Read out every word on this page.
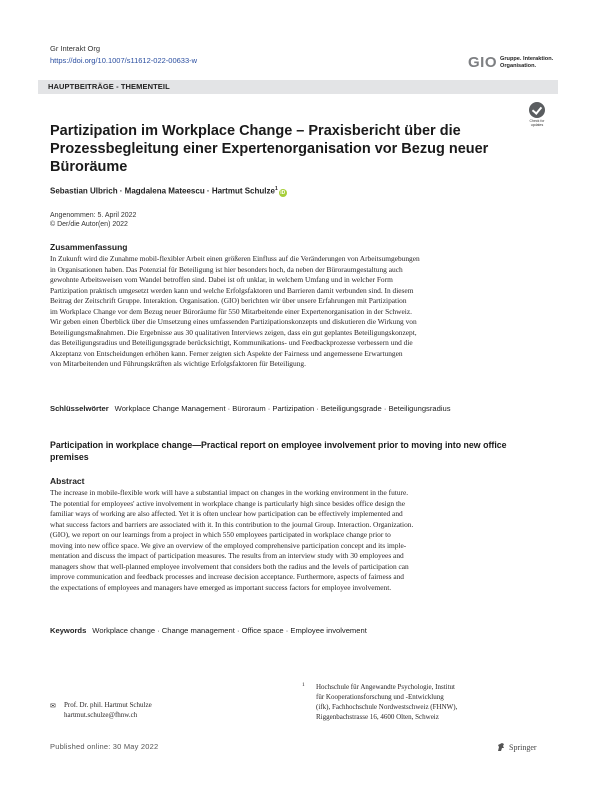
Gr Interakt Org
https://doi.org/10.1007/s11612-022-00633-w	GIO Gruppe. Interaktion.
Organisation.
HAUPTBEITRÄGE - THEMENTEIL
Check for
updates
Partizipation im Workplace Change – Praxisbericht über die Prozessbegleitung einer Expertenorganisation vor Bezug neuer Büroräume
Sebastian Ulbrich · Magdalena Mateescu · Hartmut Schulze$^1$iD
Angenommen: 5. April 2022
© Der/die Autor(en) 2022
Zusammenfassung
In Zukunft wird die Zunahme mobil-flexibler Arbeit einen größeren Einfluss auf die Veränderungen von Arbeitsumgebungen
in Organisationen haben. Das Potenzial für Beteiligung ist hier besonders hoch, da neben der Büroraumgestaltung auch
gewohnte Arbeitsweisen vom Wandel betroffen sind. Dabei ist oft unklar, in welchem Umfang und in welcher Form
Partizipation praktisch umgesetzt werden kann und welche Erfolgsfaktoren und Barrieren damit verbunden sind. In diesem
Beitrag der Zeitschrift Gruppe. Interaktion. Organisation. (GIO) berichten wir über unsere Erfahrungen mit Partizipation
im Workplace Change vor dem Bezug neuer Büroräume für 550 Mitarbeitende einer Expertenorganisation in der Schweiz.
Wir geben einen Überblick über die Umsetzung eines umfassenden Partizipationskonzepts und diskutieren die Wirkung von
Beteiligungsmaßnahmen. Die Ergebnisse aus 30 qualitativen Interviews zeigen, dass ein gut geplantes Beteiligungskonzept,
das Beteiligungsradius und Beteiligungsgrade berücksichtigt, Kommunikations- und Feedbackprozesse verbessern und die
Akzeptanz von Entscheidungen erhöhen kann. Ferner zeigten sich Aspekte der Fairness und angemessene Erwartungen
von Mitarbeitenden und Führungskräften als wichtige Erfolgsfaktoren für Beteiligung.
Schlüsselwörter Workplace Change Management · Büroraum · Partizipation · Beteiligungsgrade · Beteiligungsradius
Participation in workplace change—Practical report on employee involvement prior to moving into new office premises
Abstract
The increase in mobile-flexible work will have a substantial impact on changes in the working environment in the future.
The potential for employees' active involvement in workplace change is particularly high since besides office design the
familiar ways of working are also affected. Yet it is often unclear how participation can be effectively implemented and
what success factors and barriers are associated with it. In this contribution to the journal Group. Interaction. Organization.
(GIO), we report on our learnings from a project in which 550 employees participated in workplace change prior to
moving into new office space. We give an overview of the employed comprehensive participation concept and its imple-
mentation and discuss the impact of participation measures. The results from an interview study with 30 employees and
managers show that well-planned employee involvement that considers both the radius and the levels of participation can
improve communication and feedback processes and increase decision acceptance. Furthermore, aspects of fairness and
the expectations of employees and managers have emerged as important success factors for employee involvement.
Keywords Workplace change · Change management · Office space · Employee involvement
✉ Prof. Dr. phil. Hartmut Schulze
hartmut.schulze@fhnw.ch
1 Hochschule für Angewandte Psychologie, Institut
für Kooperationsforschung und -Entwicklung
(ifk), Fachhochschule Nordwestschweiz (FHNW),
Riggenbachstrasse 16, 4600 Olten, Schweiz
Published online: 30 May 2022	Springer
